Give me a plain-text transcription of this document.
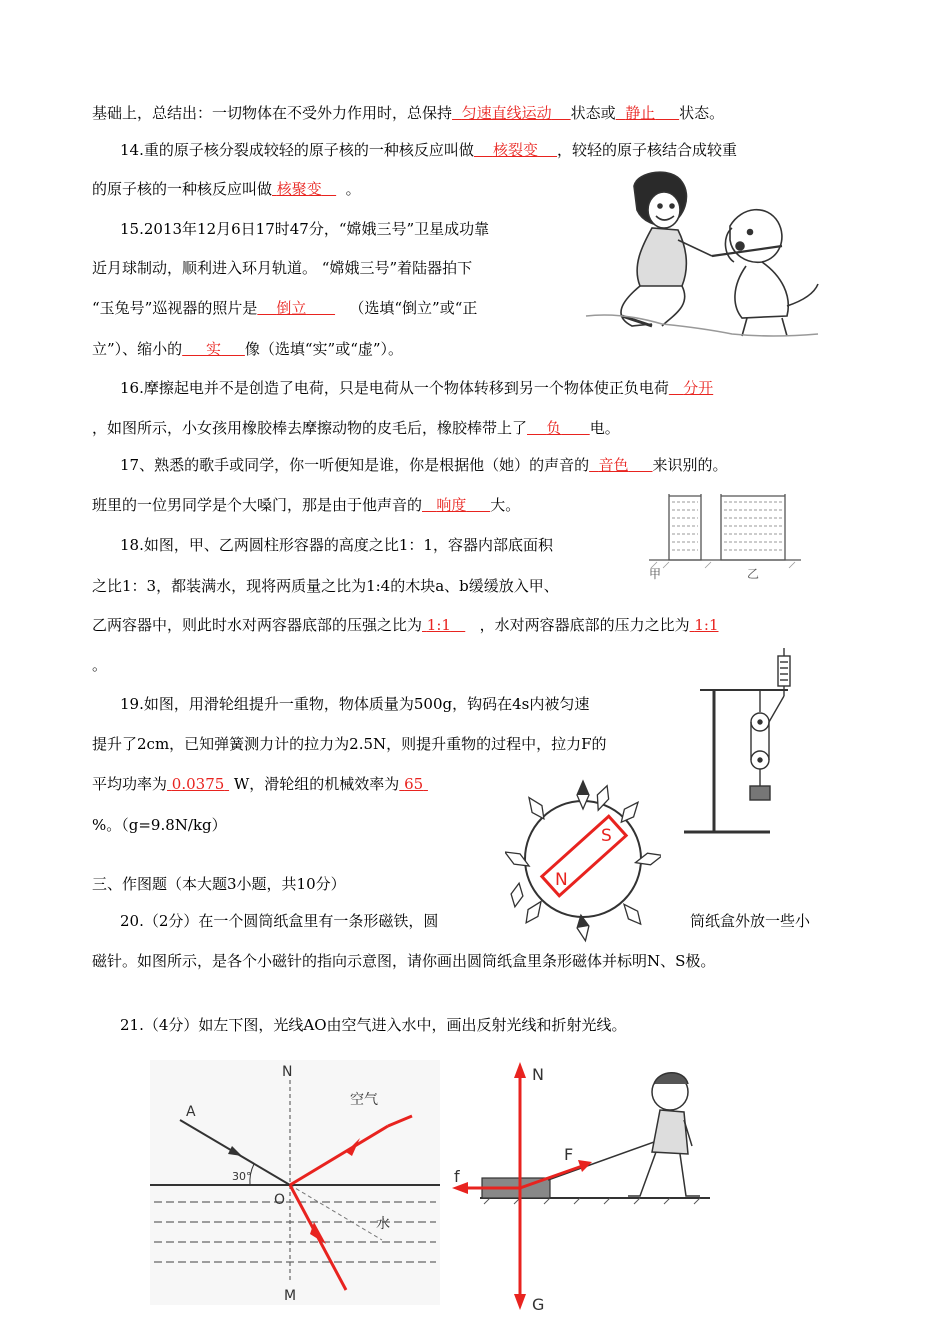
基础上，总结出：一切物体在不受外力作用时，总保持 匀速直线运动 状态或 静止 状态。
14.重的原子核分裂成较轻的原子核的一种核反应叫做 核裂变 ，较轻的原子核结合成较重
的原子核的一种核反应叫做 核聚变 。
15.2013年12月6日17时47分，“嫦娥三号”卫星成功靠
近月球制动，顺利进入环月轨道。 “嫦娥三号”着陆器拍下
“玉兔号”巡视器的照片是 倒立	（选填“倒立”或“正
立”）、缩小的 实 像（选填“实”或“虚”）。
16.摩擦起电并不是创造了电荷，只是电荷从一个物体转移到另一个物体使正负电荷 分开
，如图所示，小女孩用橡胶棒去摩擦动物的皮毛后，橡胶棒带上了 负 电。
17、熟悉的歌手或同学，你一听便知是谁，你是根据他（她）的声音的 音色 来识别的。
班里的一位男同学是个大嗓门，那是由于他声音的 响度 大。
18.如图，甲、乙两圆柱形容器的高度之比1：1，容器内部底面积
之比1：3，都装满水，现将两质量之比为1:4的木块a、b缓缓放入甲、
乙两容器中，则此时水对两容器底部的压强之比为 1:1 ，水对两容器底部的压力之比为 1:1
。
甲	乙
19.如图，用滑轮组提升一重物，物体质量为500g，钩码在4s内被匀速
提升了2cm，已知弹簧测力计的拉力为2.5N，则提升重物的过程中，拉力F的
平均功率为 0.0375 W，滑轮组的机械效率为 65
%。（g=9.8N/kg）
三、作图题（本大题3小题，共10分）
20.（2分）在一个圆筒纸盒里有一条形磁铁，圆	筒纸盒外放一些小
磁针。如图所示，是各个小磁针的指向示意图，请你画出圆筒纸盒里条形磁体并标明N、S极。
S
N
21.（4分）如左下图，光线AO由空气进入水中，画出反射光线和折射光线。
N
M
A
O
空气
水
30°
N
G
F
f
